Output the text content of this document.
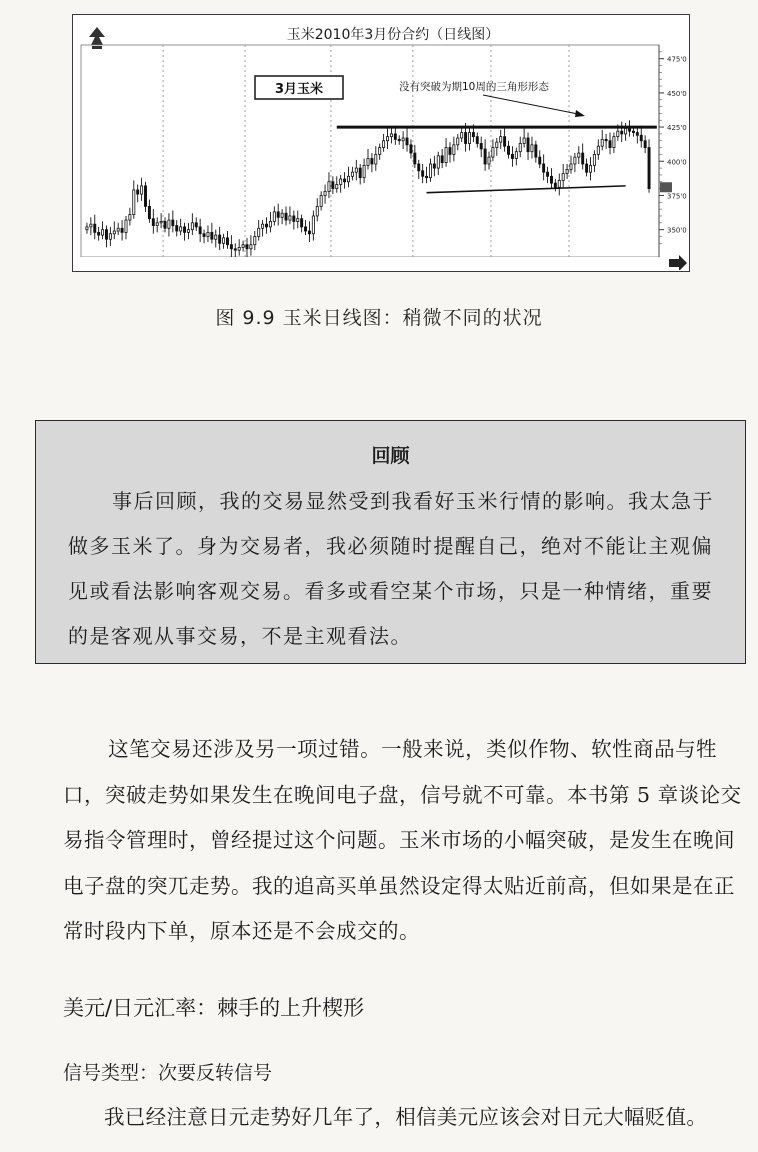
玉米2010年3月份合约（日线图）
475'0
450'0
425'0
400'0
375'0
350'0
3月玉米	没有突破为期10周的三角形形态
图 9.9 玉米日线图：稍微不同的状况
回顾

事后回顾，我的交易显然受到我看好玉米行情的影响。我太急于做多玉米了。身为交易者，我必须随时提醒自己，绝对不能让主观偏见或看法影响客观交易。看多或看空某个市场，只是一种情绪，重要的是客观从事交易，不是主观看法。

这笔交易还涉及另一项过错。一般来说，类似作物、软性商品与牲口，突破走势如果发生在晚间电子盘，信号就不可靠。本书第 5 章谈论交易指令管理时，曾经提过这个问题。玉米市场的小幅突破，是发生在晚间电子盘的突兀走势。我的追高买单虽然设定得太贴近前高，但如果是在正常时段内下单，原本还是不会成交的。

美元/日元汇率：棘手的上升楔形
信号类型：次要反转信号
我已经注意日元走势好几年了，相信美元应该会对日元大幅贬值。
